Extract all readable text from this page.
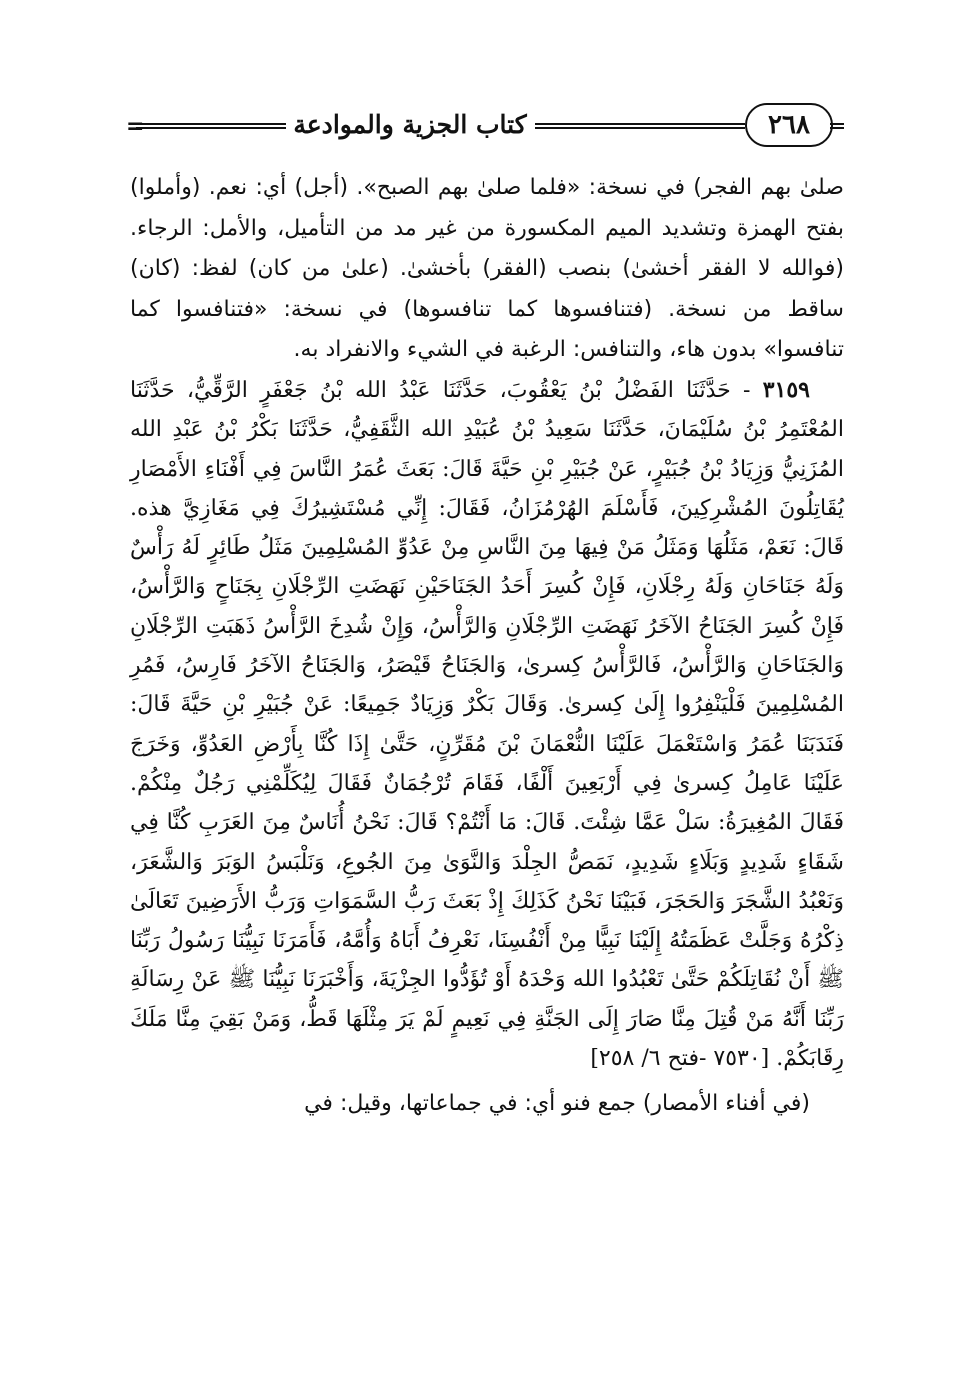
=	كتاب الجزية والموادعة	٢٦٨

صلىٰ بهم الفجر) في نسخة: «فلما صلىٰ بهم الصبح». (أجل) أي: نعم. (وأملوا) بفتح الهمزة وتشديد الميم المكسورة من غير مد من التأميل، والأمل: الرجاء. (فوالله لا الفقر أخشىٰ) بنصب (الفقر) بأخشىٰ. (علىٰ من كان) لفظ: (كان) ساقط من نسخة. (فتنافسوها كما تنافسوها) في نسخة: «فتنافسوا كما تنافسوا» بدون هاء، والتنافس: الرغبة في الشيء والانفراد به.

٣١٥٩ - حَدَّثَنَا الفَضْلُ بْنُ يَعْقُوبَ، حَدَّثَنَا عَبْدُ الله بْنُ جَعْفَرٍ الرَّقِّيُّ، حَدَّثَنَا المُعْتَمِرُ بْنُ سُلَيْمَانَ، حَدَّثَنَا سَعِيدُ بْنُ عُبَيْدِ الله الثَّقَفِيُّ، حَدَّثَنَا بَكْرُ بْنُ عَبْدِ الله المُزَنِيُّ وَزِيَادُ بْنُ جُبَيْرٍ، عَنْ جُبَيْرِ بْنِ حَيَّةَ قَالَ: بَعَثَ عُمَرُ النَّاسَ فِي أَفْنَاءِ الأَمْصَارِ يُقَاتِلُونَ المُشْرِكِينَ، فَأَسْلَمَ الهُرْمُزَانُ، فَقَالَ: إِنِّي مُسْتَشِيرُكَ فِي مَغَازِيَّ هذه. قَالَ: نَعَمْ، مَثَلُهَا وَمَثَلُ مَنْ فِيهَا مِنَ النَّاسِ مِنْ عَدُوِّ المُسْلِمِينَ مَثَلُ طَائِرٍ لَهُ رَأْسٌ وَلَهُ جَنَاحَانِ وَلَهُ رِجْلَانِ، فَإِنْ كُسِرَ أَحَدُ الجَنَاحَيْنِ نَهَضَتِ الرِّجْلَانِ بِجَنَاحٍ وَالرَّأْسُ، فَإِنْ كُسِرَ الجَنَاحُ الآخَرُ نَهَضَتِ الرِّجْلَانِ وَالرَّأْسُ، وَإِنْ شُدِخَ الرَّأْسُ ذَهَبَتِ الرِّجْلَانِ وَالجَنَاحَانِ وَالرَّأْسُ، فَالرَّأْسُ كِسرىٰ، وَالجَنَاحُ قَيْصَرُ، وَالجَنَاحُ الآخَرُ فَارِسُ، فَمُرِ المُسْلِمِينَ فَلْيَنْفِرُوا إِلَىٰ كِسرىٰ. وَقَالَ بَكْرٌ وَزِيَادٌ جَمِيعًا: عَنْ جُبَيْرِ بْنِ حَيَّةَ قَالَ: فَنَدَبَنَا عُمَرُ وَاسْتَعْمَلَ عَلَيْنَا النُّعْمَانَ بْنَ مُقَرِّنٍ، حَتَّىٰ إِذَا كُنَّا بِأَرْضِ العَدُوِّ، وَخَرَجَ عَلَيْنَا عَامِلُ كِسرىٰ فِي أَرْبَعِينَ أَلْفًا، فَقَامَ تُرْجُمَانٌ فَقَالَ لِيُكَلِّمْنِي رَجُلٌ مِنْكُمْ. فَقَالَ المُغِيرَةُ: سَلْ عَمَّا شِئْتَ. قَالَ: مَا أَنْتُمْ؟ قَالَ: نَحْنُ أُنَاسٌ مِنَ العَرَبِ كُنَّا فِي شَقَاءٍ شَدِيدٍ وَبَلَاءٍ شَدِيدٍ، نَمَصُّ الجِلْدَ وَالنَّوَىٰ مِنَ الجُوعِ، وَنَلْبَسُ الوَبَرَ وَالشَّعَرَ، وَنَعْبُدُ الشَّجَرَ وَالحَجَرَ، فَبَيْنَا نَحْنُ كَذَلِكَ إِذْ بَعَثَ رَبُّ السَّمَوَاتِ وَرَبُّ الأَرَضِينَ تَعَالَىٰ ذِكْرُهُ وَجَلَّتْ عَظَمَتُهُ إِلَيْنَا نَبِيًّا مِنْ أَنْفُسِنَا، نَعْرِفُ أَبَاهُ وَأُمَّهُ، فَأَمَرَنَا نَبِيُّنَا رَسُولُ رَبِّنَا ﷺ أَنْ نُقَاتِلَكُمْ حَتَّىٰ تَعْبُدُوا الله وَحْدَهُ أَوْ تُؤَدُّوا الجِزْيَةَ، وَأَخْبَرَنَا نَبِيُّنَا ﷺ عَنْ رِسَالَةِ رَبِّنَا أَنَّهُ مَنْ قُتِلَ مِنَّا صَارَ إِلَى الجَنَّةِ فِي نَعِيمٍ لَمْ يَرَ مِثْلَهَا قَطُّ، وَمَنْ بَقِيَ مِنَّا مَلَكَ رِقَابَكُمْ. [٧٥٣٠ -فتح ٦/ ٢٥٨]

(في أفناء الأمصار) جمع فنو أي: في جماعاتها، وقيل: في
